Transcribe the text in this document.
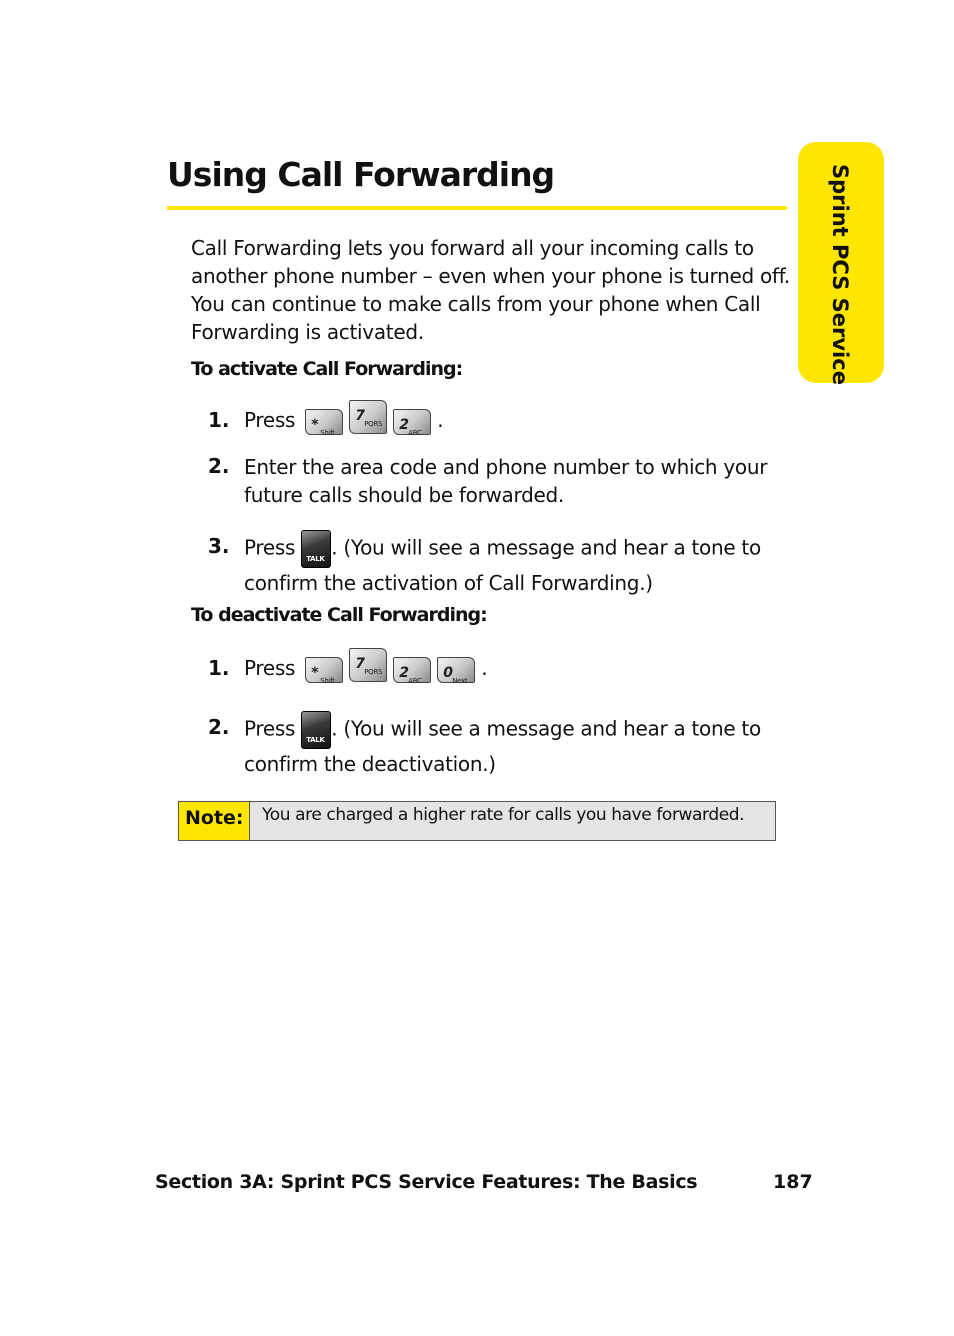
Using Call Forwarding	Sprint PCS Service

Call Forwarding lets you forward all your incoming calls to another phone number – even when your phone is turned off. You can continue to make calls from your phone when Call Forwarding is activated.

To activate Call Forwarding:

1. Press * Shift
7 PQRS 2 ABC
.
2. Enter the area code and phone number to which your future calls should be forwarded.

3. Press TALK . (You will see a message and hear a tone to confirm the activation of Call Forwarding.)

To deactivate Call Forwarding:

1. Press * Shift
7 PQRS 2 ABC 0 Next
.
2. Press TALK . (You will see a message and hear a tone to confirm the deactivation.)
Note:	You are charged a higher rate for calls you have forwarded.
Section 3A: Sprint PCS Service Features: The Basics	187
